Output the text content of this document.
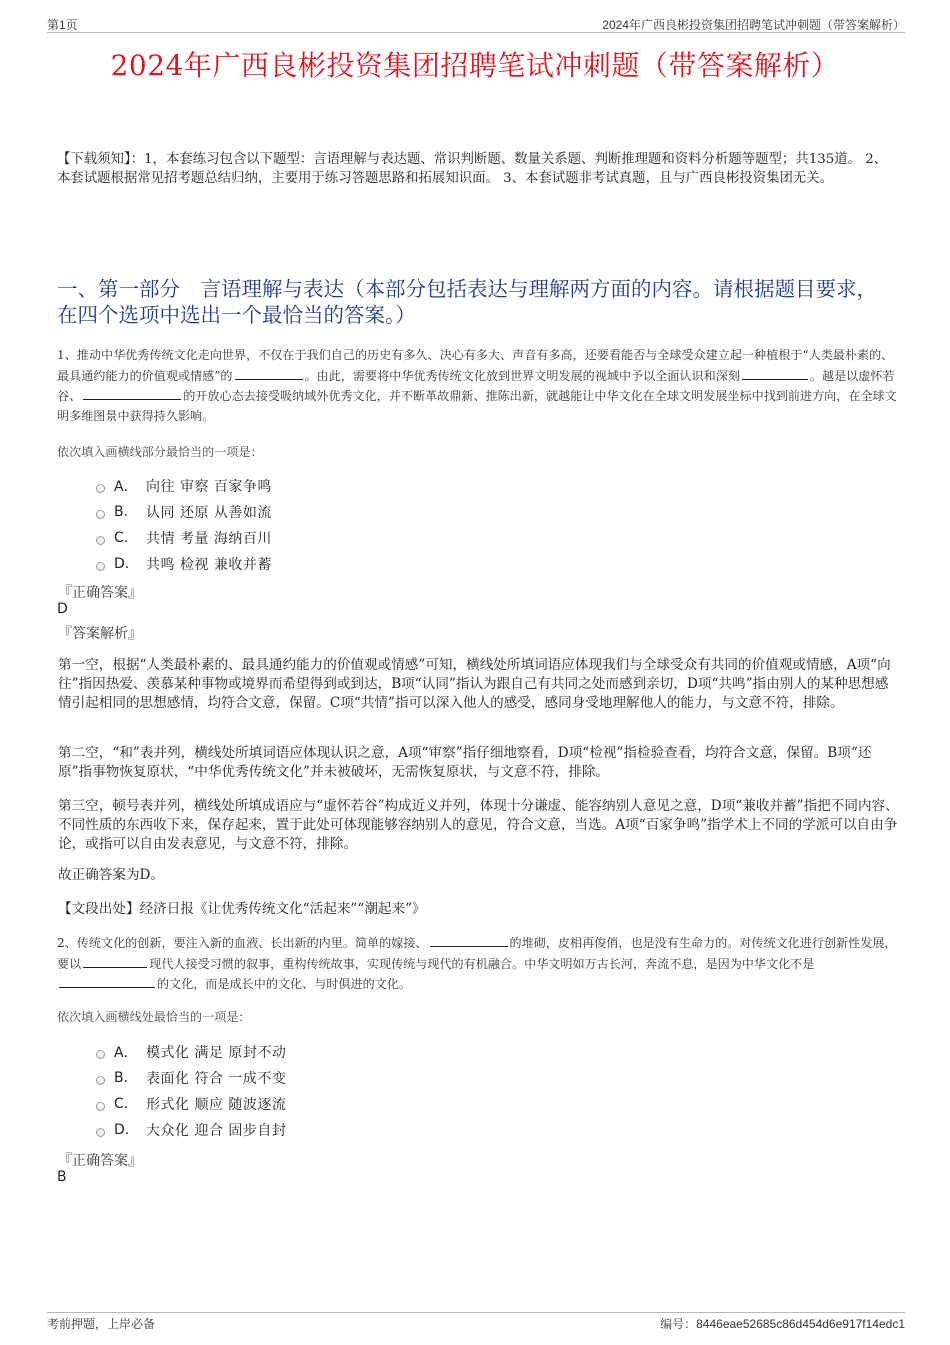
第1页	2024年广西良彬投资集团招聘笔试冲刺题（带答案解析）
2024年广西良彬投资集团招聘笔试冲刺题（带答案解析）
【下载须知】：1，本套练习包含以下题型：言语理解与表达题、常识判断题、数量关系题、判断推理题和资料分析题等题型；共135道。 2、本套试题根据常见招考题总结归纳，主要用于练习答题思路和拓展知识面。 3、本套试题非考试真题，且与广西良彬投资集团无关。
一、第一部分　言语理解与表达（本部分包括表达与理解两方面的内容。请根据题目要求，在四个选项中选出一个最恰当的答案。）
1、推动中华优秀传统文化走向世界，不仅在于我们自己的历史有多久、决心有多大、声音有多高，还要看能否与全球受众建立起一种植根于“人类最朴素的、最具通约能力的价值观或情感”的	。由此，需要将中华优秀传统文化放到世界文明发展的视域中予以全面认识和深刻	。越是以虚怀若谷、	的开放心态去接受吸纳域外优秀文化，并不断革故鼎新、推陈出新，就越能让中华文化在全球文明发展坐标中找到前进方向，在全球文明多维图景中获得持久影响。
依次填入画横线部分最恰当的一项是：
A． 向往 审察 百家争鸣
B.	认同 还原 从善如流
C.	共情 考量 海纳百川
D.	共鸣 检视 兼收并蓄
『正确答案』
D
『答案解析』
第一空，根据“人类最朴素的、最具通约能力的价值观或情感”可知，横线处所填词语应体现我们与全球受众有共同的价值观或情感，A项“向往”指因热爱、羡慕某种事物或境界而希望得到或到达，B项“认同”指认为跟自己有共同之处而感到亲切，D项“共鸣”指由别人的某种思想感情引起相同的思想感情，均符合文意，保留。C项“共情”指可以深入他人的感受，感同身受地理解他人的能力，与文意不符，排除。
第二空，“和”表并列，横线处所填词语应体现认识之意，A项“审察”指仔细地察看，D项“检视”指检验查看，均符合文意，保留。B项“还原”指事物恢复原状，“中华优秀传统文化”并未被破坏，无需恢复原状，与文意不符，排除。
第三空，顿号表并列，横线处所填成语应与“虚怀若谷”构成近义并列，体现十分谦虚、能容纳别人意见之意，D项“兼收并蓄”指把不同内容、不同性质的东西收下来，保存起来，置于此处可体现能够容纳别人的意见，符合文意，当选。A项“百家争鸣”指学术上不同的学派可以自由争论，或指可以自由发表意见，与文意不符，排除。
故正确答案为D。
【文段出处】经济日报《让优秀传统文化“活起来”“潮起来”》
2、传统文化的创新，要注入新的血液、长出新的内里。简单的嫁接、	的堆砌，皮相再俊俏，也是没有生命力的。对传统文化进行创新性发展，要以	现代人接受习惯的叙事，重构传统故事，实现传统与现代的有机融合。中华文明如万古长河，奔流不息，是因为中华文化不是的文化，而是成长中的文化、与时俱进的文化。
依次填入画横线处最恰当的一项是：
A． 模式化 满足 原封不动
B.	表面化 符合 一成不变
C.	形式化 顺应 随波逐流
D.	大众化 迎合 固步自封
『正确答案』
B
考前押题，上岸必备	编号：8446eae52685c86d454d6e917f14edc1
